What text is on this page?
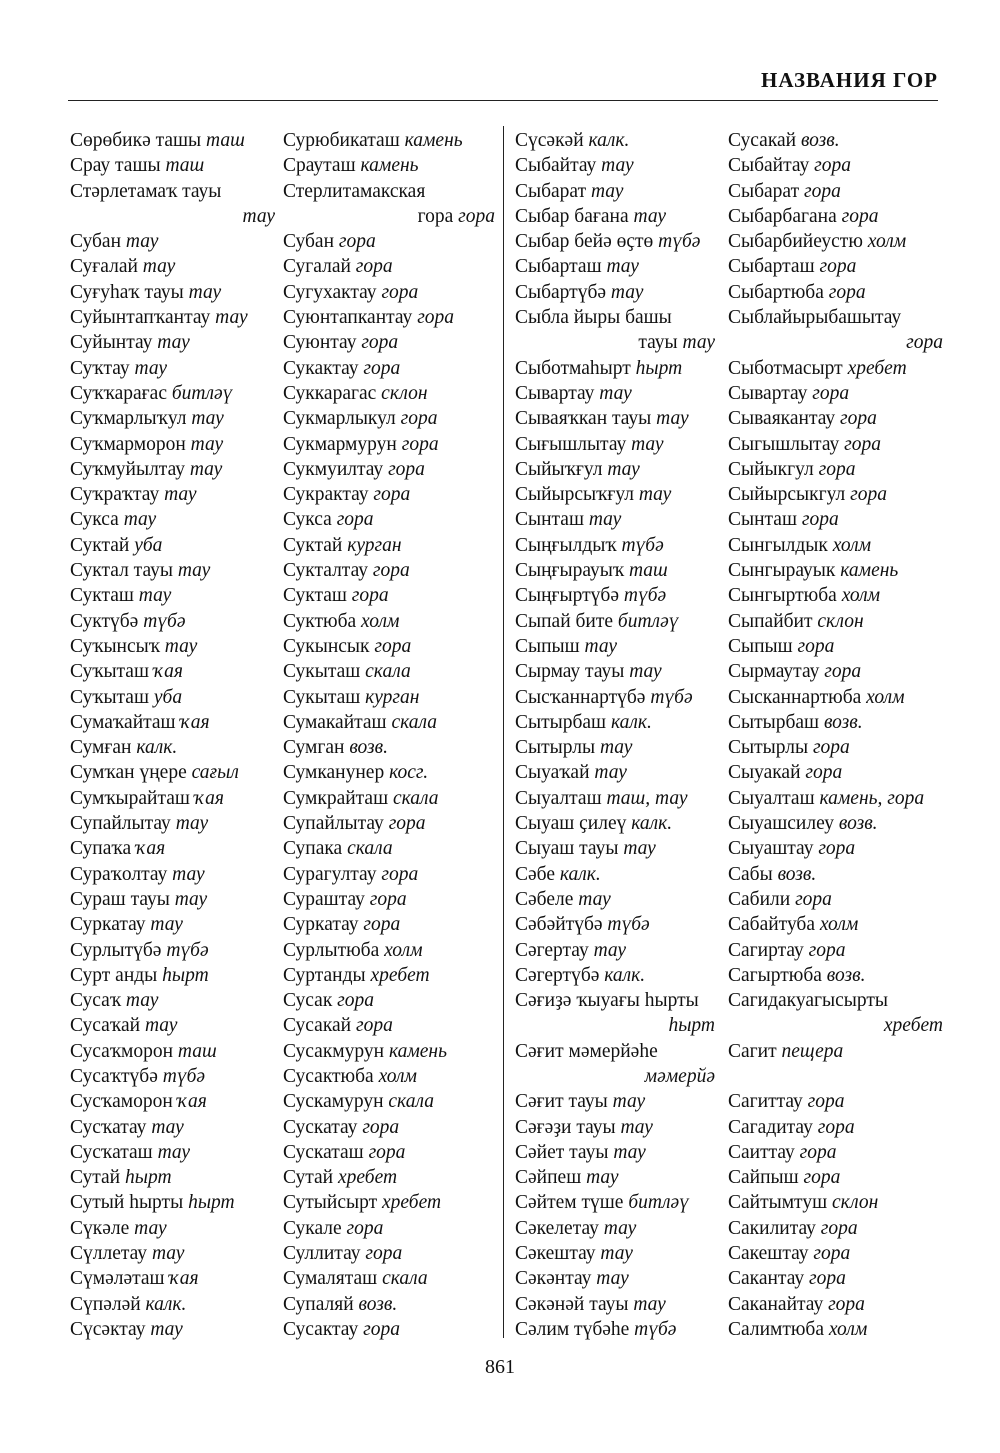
НАЗВАНИЯ ГОР
Сөрөбикә ташы таш
Срау ташы таш
Стәрлетамаҡ тауы
тау
Субан тау
Суғалай тау
Суғуһаҡ тауы тау
Суйынтапҡантау тау
Суйынтау тау
Суҡтау тау
Суҡҡарағас битләү
Суҡмарлыҡул тау
Суҡмарморон тау
Суҡмуйылтау тау
Суҡраҡтау тау
Сукса тау
Суктай уба
Суктал тауы тау
Сукташ тау
Суктүбә түбә
Суҡынсыҡ тау
Суҡыташ ҡая
Суҡыташ уба
Сумаҡайташ ҡая
Сумған калк.
Сумҡан үңере сағыл
Сумҡырайташ ҡая
Супайлытау тау
Супаҡа ҡая
Сураҡолтау тау
Сураш тауы тау
Суркатау тау
Сурлытүбә түбә
Сурт анды һырт
Сусаҡ тау
Сусаҡай тау
Сусаҡморон таш
Сусаҡтүбә түбә
Сусҡаморон ҡая
Сусҡатау тау
Сусҡаташ тау
Сутай һырт
Сутый һырты һырт
Сүкәле тау
Сүллетау тау
Сүмәләташ ҡая
Сүпәләй калк.
Сүсәктау тау
Сурюбикаташ камень
Срауташ камень
Стерлитамакская
гора гора
Субан гора
Сугалай гора
Сугухактау гора
Суюнтапкантау гора
Суюнтау гора
Сукактау гора
Суккарагас склон
Сукмарлыкул гора
Сукмармурун гора
Сукмуилтау гора
Сукрактау гора
Сукса гора
Суктай курган
Сукталтау гора
Сукташ гора
Суктюба холм
Сукынсык гора
Сукыташ скала
Сукыташ курган
Сумакайташ скала
Сумган возв.
Сумканунер косг.
Сумкрайташ скала
Супайлытау гора
Супака скала
Сурагултау гора
Сураштау гора
Суркатау гора
Сурлытюба холм
Суртанды хребет
Сусак гора
Сусакай гора
Сусакмурун камень
Сусактюба холм
Сускамурун скала
Сускатау гора
Сускаташ гора
Сутай хребет
Сутыйсырт хребет
Сукале гора
Суллитау гора
Сумаляташ скала
Супаляй возв.
Сусактау гора
Сүсәкәй калк.
Сыбайтау тау
Сыбарат тау
Сыбар бағана тау
Сыбар бейә өҫтө түбә
Сыбарташ тау
Сыбартүбә тау
Сыбла йыры башы
тауы тау
Сыботмаһырт һырт
Сывартау тау
Сываяҡкан тауы тау
Сығышлытау тау
Сыйыҡғул тау
Сыйырсыҡғул тау
Сынташ тау
Сыңғылдыҡ түбә
Сыңғырауыҡ таш
Сыңғыртүбә түбә
Сыпай бите битләү
Сыпыш тау
Сырмау тауы тау
Сысҡаннартүбә түбә
Сытырбаш калк.
Сытырлы тау
Сыуаҡай тау
Сыуалташ таш, тау
Сыуаш ҫилеү калк.
Сыуаш тауы тау
Сәбе калк.
Сәбеле тау
Сәбәйтүбә түбә
Сәгертау тау
Сәгертүбә калк.
Сәғиҙә ҡыуағы һырты
һырт
Сәғит мәмерйәһе
мәмерйә
Сәғит тауы тау
Сәғәҙи тауы тау
Сәйет тауы тау
Сәйпеш тау
Сәйтем түше битләү
Сәкелетау тау
Сәкештау тау
Сәкәнтау тау
Сәкәнәй тауы тау
Сәлим түбәһе түбә
Сусакай возв.
Сыбайтау гора
Сыбарат гора
Сыбарбагана гора
Сыбарбийеустю холм
Сыбарташ гора
Сыбартюба гора
Сыблайырыбашытау
гора
Сыботмасырт хребет
Сывартау гора
Сываякантау гора
Сыгышлытау гора
Сыйыкгул гора
Сыйырсыкгул гора
Сынташ гора
Сынгылдык холм
Сынгырауык камень
Сынгыртюба холм
Сыпайбит склон
Сыпыш гора
Сырмаутау гора
Сысканнартюба холм
Сытырбаш возв.
Сытырлы гора
Сыуакай гора
Сыуалташ камень, гора
Сыуашсилеу возв.
Сыуаштау гора
Сабы возв.
Сабили гора
Сабайтуба холм
Сагиртау гора
Сагыртюба возв.
Сагидакуагысырты
хребет
Сагит пещера
Сагиттау гора
Сагадитау гора
Саиттау гора
Сайпыш гора
Сайтымтуш склон
Сакилитау гора
Сакештау гора
Сакантау гора
Саканайтау гора
Салимтюба холм
861
